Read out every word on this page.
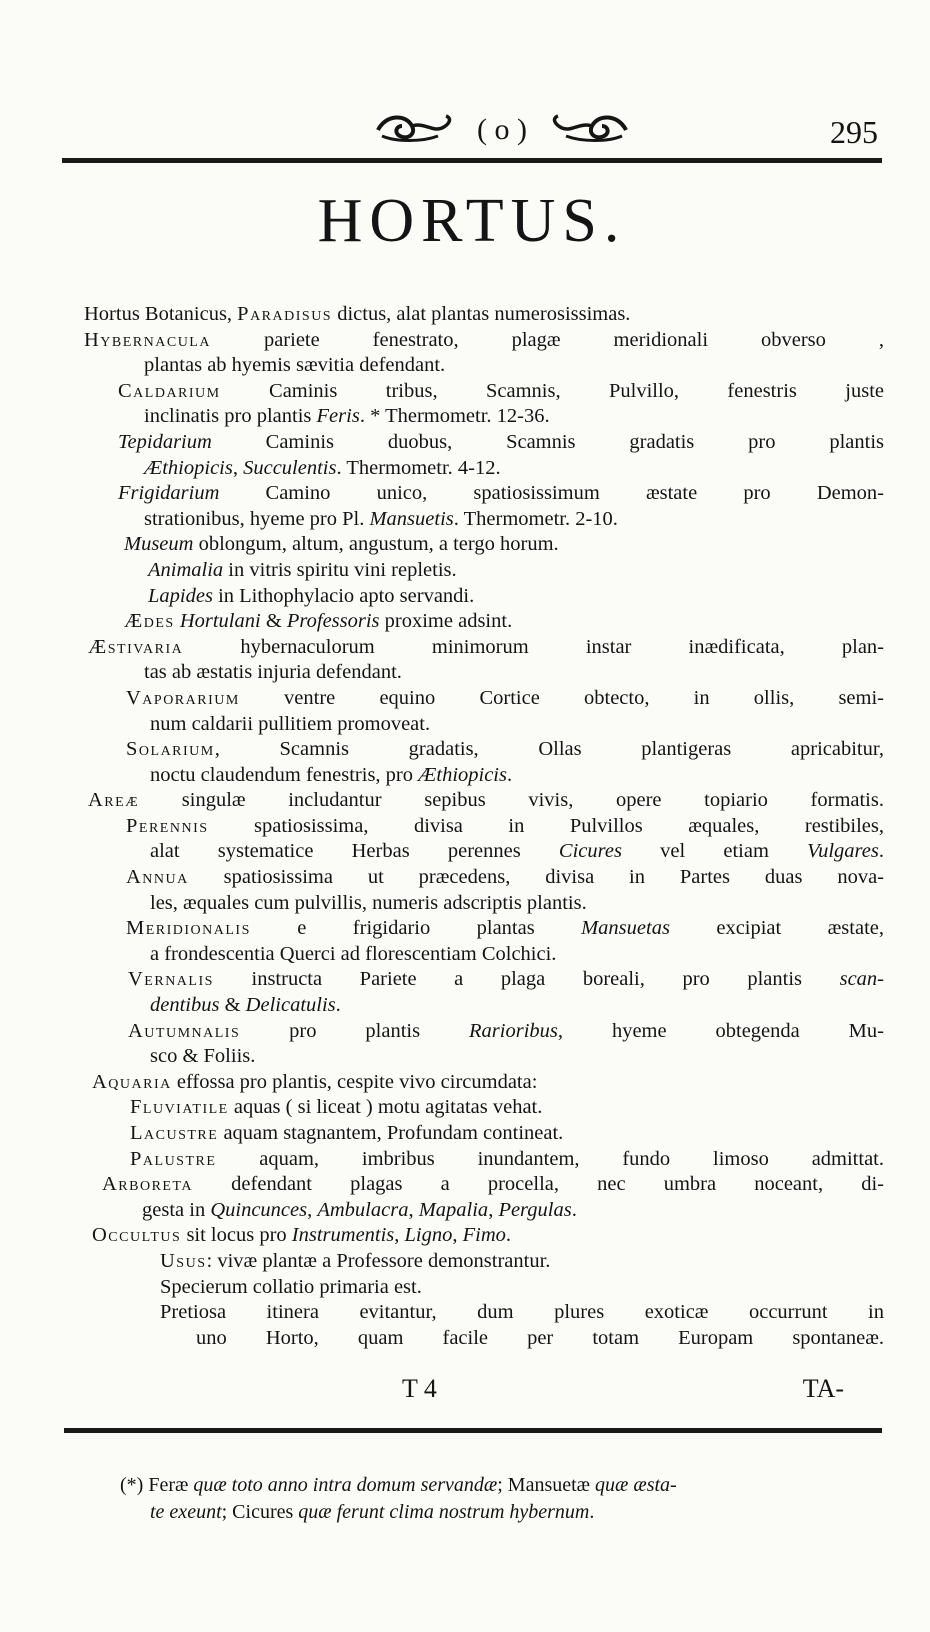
( o )	295
HORTUS.
Hortus Botanicus, Paradisus dictus, alat plantas numerosissimas.
Hybernacula pariete fenestrato, plagæ meridionali obverso ,
plantas ab hyemis sævitia defendant.
Caldarium Caminis tribus, Scamnis, Pulvillo, fenestris juste
inclinatis pro plantis Feris. * Thermometr. 12-36.
Tepidarium Caminis duobus, Scamnis gradatis pro plantis
Æthiopicis, Succulentis. Thermometr. 4-12.
Frigidarium Camino unico, spatiosissimum æstate pro Demon-
strationibus, hyeme pro Pl. Mansuetis. Thermometr. 2-10.
Museum oblongum, altum, angustum, a tergo horum.
Animalia in vitris spiritu vini repletis.
Lapides in Lithophylacio apto servandi.
Ædes Hortulani & Professoris proxime adsint.
Æstivaria hybernaculorum minimorum instar inædificata, plan-
tas ab æstatis injuria defendant.
Vaporarium ventre equino Cortice obtecto, in ollis, semi-
num caldarii pullitiem promoveat.
Solarium, Scamnis gradatis, Ollas plantigeras apricabitur,
noctu claudendum fenestris, pro Æthiopicis.
Areæ singulæ includantur sepibus vivis, opere topiario formatis.
Perennis spatiosissima, divisa in Pulvillos æquales, restibiles,
alat systematice Herbas perennes Cicures vel etiam Vulgares.
Annua spatiosissima ut præcedens, divisa in Partes duas nova-
les, æquales cum pulvillis, numeris adscriptis plantis.
Meridionalis e frigidario plantas Mansuetas excipiat æstate,
a frondescentia Querci ad florescentiam Colchici.
Vernalis instructa Pariete a plaga boreali, pro plantis scan-
dentibus & Delicatulis.
Autumnalis pro plantis Rarioribus, hyeme obtegenda Mu-
sco & Foliis.
Aquaria effossa pro plantis, cespite vivo circumdata:
Fluviatile aquas ( si liceat ) motu agitatas vehat.
Lacustre aquam stagnantem, Profundam contineat.
Palustre aquam, imbribus inundantem, fundo limoso admittat.
Arboreta defendant plagas a procella, nec umbra noceant, di-
gesta in Quincunces, Ambulacra, Mapalia, Pergulas.
Occultus sit locus pro Instrumentis, Ligno, Fimo.
Usus: vivæ plantæ a Professore demonstrantur.
Specierum collatio primaria est.
Pretiosa itinera evitantur, dum plures exoticæ occurrunt in
uno Horto, quam facile per totam Europam spontaneæ.
T 4	TA-
(*) Feræ quæ toto anno intra domum servandæ; Mansuetæ quæ æsta-
te exeunt; Cicures quæ ferunt clima nostrum hybernum.
